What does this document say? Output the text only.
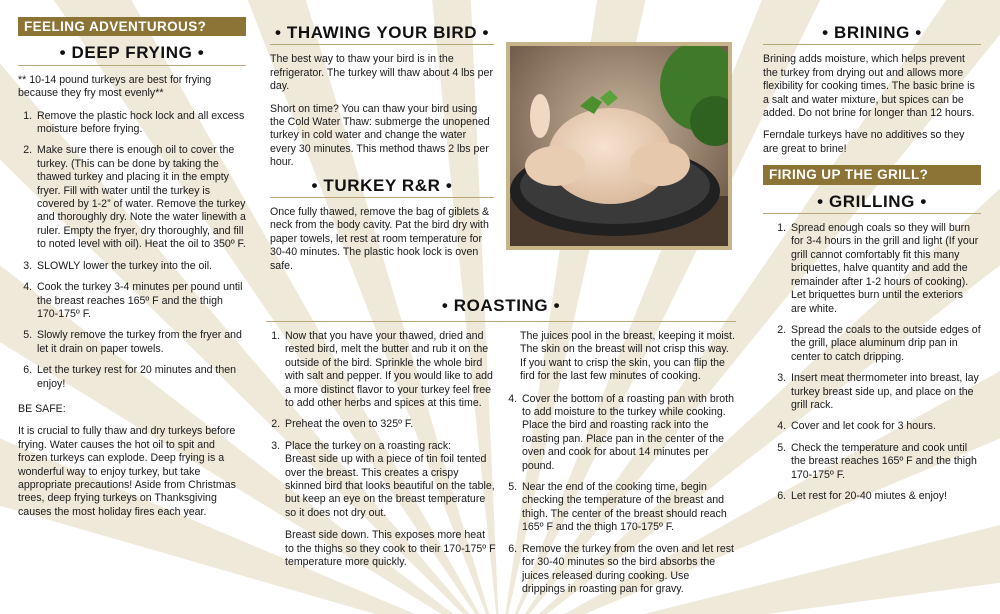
FEELING ADVENTUROUS?
• DEEP FRYING •

** 10-14 pound turkeys are best for frying because they fry most evenly**

1. Remove the plastic hock lock and all excess moisture before frying.
2. Make sure there is enough oil to cover the turkey. (This can be done by taking the thawed turkey and placing it in the empty fryer. Fill with water until the turkey is covered by 1-2” of water. Remove the turkey and thoroughly dry. Note the water linewith a ruler. Empty the fryer, dry thoroughly, and fill to noted level with oil). Heat the oil to 350º F.
3. SLOWLY lower the turkey into the oil.
4. Cook the turkey 3-4 minutes per pound until the breast reaches 165º F and the thigh 170-175º F.
5. Slowly remove the turkey from the fryer and let it drain on paper towels.
6. Let the turkey rest for 20 minutes and then enjoy!
BE SAFE:

It is crucial to fully thaw and dry turkeys before frying. Water causes the hot oil to spit and frozen turkeys can explode. Deep frying is a wonderful way to enjoy turkey, but take appropriate precautions! Aside from Christmas trees, deep frying turkeys on Thanksgiving causes the most holiday fires each year.

• THAWING YOUR BIRD •

The best way to thaw your bird is in the refrigerator. The turkey will thaw about 4 lbs per day.

Short on time? You can thaw your bird using the Cold Water Thaw: submerge the unopened turkey in cold water and change the water every 30 minutes. This method thaws 2 lbs per hour.

• TURKEY R&R •

Once fully thawed, remove the bag of giblets & neck from the body cavity. Pat the bird dry with paper towels, let rest at room temperature for 30-40 minutes. The plastic hook lock is oven safe.

• ROASTING •
1. Now that you have your thawed, dried and rested bird, melt the butter and rub it on the outside of the bird. Sprinkle the whole bird with salt and pepper. If you would like to add a more distinct flavor to your turkey feel free to add other herbs and spices at this time.
2. Preheat the oven to 325º F.
3. Place the turkey on a roasting rack:

Breast side up with a piece of tin foil tented over the breast. This creates a crispy skinned bird that looks beautiful on the table, but keep an eye on the breast temperature so it does not dry out.

Breast side down. This exposes more heat to the thighs so they cook to their 170-175º F temperature more quickly.

The juices pool in the breast, keeping it moist. The skin on the breast will not crisp this way. If you want to crisp the skin, you can flip the fird for the last few minutes of cooking.

4. Cover the bottom of a roasting pan with broth to add moisture to the turkey while cooking. Place the bird and roasting rack into the roasting pan. Place pan in the center of the oven and cook for about 14 minutes per pound.
5. Near the end of the cooking time, begin checking the temperature of the breast and thigh. The center of the breast should reach 165º F and the thigh 170-175º F.
6. Remove the turkey from the oven and let rest for 30-40 minutes so the bird absorbs the juices released during cooking. Use drippings in roasting pan for gravy.
• BRINING •

Brining adds moisture, which helps prevent the turkey from drying out and allows more flexibility for cooking times. The basic brine is a salt and water mixture, but spices can be added. Do not brine for longer than 12 hours.

Ferndale turkeys have no additives so they are great to brine!

FIRING UP THE GRILL?
• GRILLING •
1. Spread enough coals so they will burn for 3-4 hours in the grill and light (If your grill cannot comfortably fit this many briquettes, halve quantity and add the remainder after 1-2 hours of cooking). Let briquettes burn until the exteriors are white.
2. Spread the coals to the outside edges of the grill, place aluminum drip pan in center to catch dripping.
3. Insert meat thermometer into breast, lay turkey breast side up, and place on the grill rack.
4. Cover and let cook for 3 hours.
5. Check the temperature and cook until the breast reaches 165º F and the thigh 170-175º F.
6. Let rest for 20-40 miutes & enjoy!
